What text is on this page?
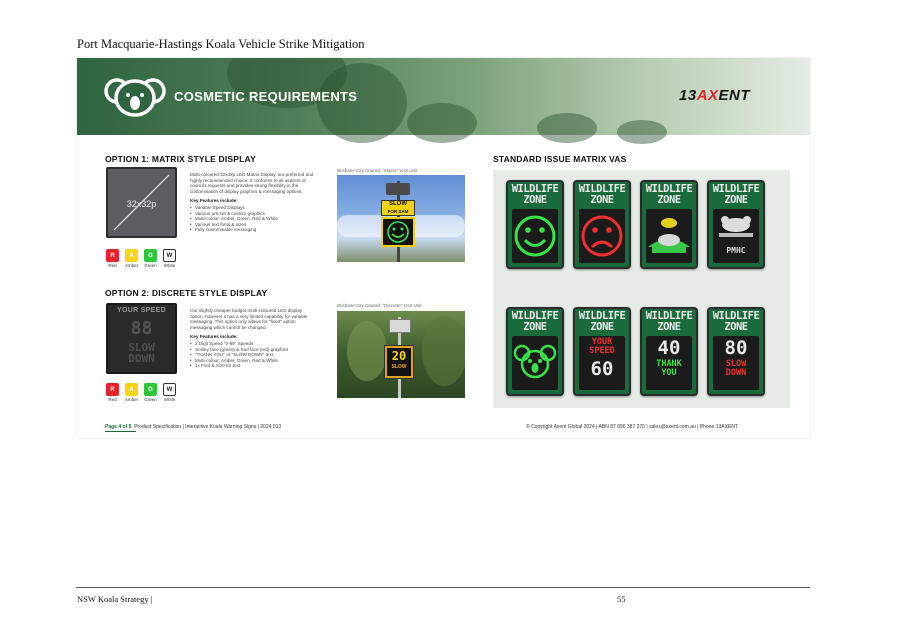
Port Macquarie-Hastings Koala Vehicle Strike Mitigation
COSMETIC REQUIREMENTS	13AXENT
OPTION 1: MATRIX STYLE DISPLAY
32x32p
R
Red
A
Amber
G
Green
W
White
Multi-coloured 32x32p LED Matrix Display, our preferred and highly recommended choice. It conforms to all aspects of councils requests and provides strong flexibility in the customisation of display graphics & messaging options.
Key Features include:
• Variable Speed Displays
• Various pre-set & custom graphics
• Multi-colour: Amber, Green, Red & White
• Various text fonts & sizes
• Fully customisable messaging
Brisbane City Council, "Matrix" VAS Unit
SLOW
FOR SAM
OPTION 2: DISCRETE STYLE DISPLAY
YOUR SPEED
88
SLOW
DOWN
R
Red
A
Amber
G
Green
W
White
Our slightly cheaper budget multi-coloured LED display option, however it has a very limited capability for variable messaging. This option only allows for "fixed" option messaging which cannot be changed.
Key Features include:
• 2 Digit Speed "0-99" Speeds
• Smiley face (green) & Sad face (red) graphics
• "THANK YOU" or "SLOW DOWN" text
• Multi-colour: Amber, Green, Red & White
• 1x Font & Size for text
Brisbane City Council, "Discrete" VAS Unit
20
SLOW
STANDARD ISSUE MATRIX VAS
WILDLIFE
ZONE
WILDLIFE
ZONE
WILDLIFE
ZONE
WILDLIFE
ZONE
PMHC
WILDLIFE
ZONE
WILDLIFE
ZONE
YOUR
SPEED
60
WILDLIFE
ZONE
40
THANK
YOU
WILDLIFE
ZONE
80
SLOW
DOWN
Page 4 of 5 Product Specification | Interactive Koala Warning Signs | 2024.013	© Copyright Axent Global 2024 | ABN 87 096 387 370 | sales@axent.com.au | Phone 13AXENT
NSW Koala Strategy |	55
